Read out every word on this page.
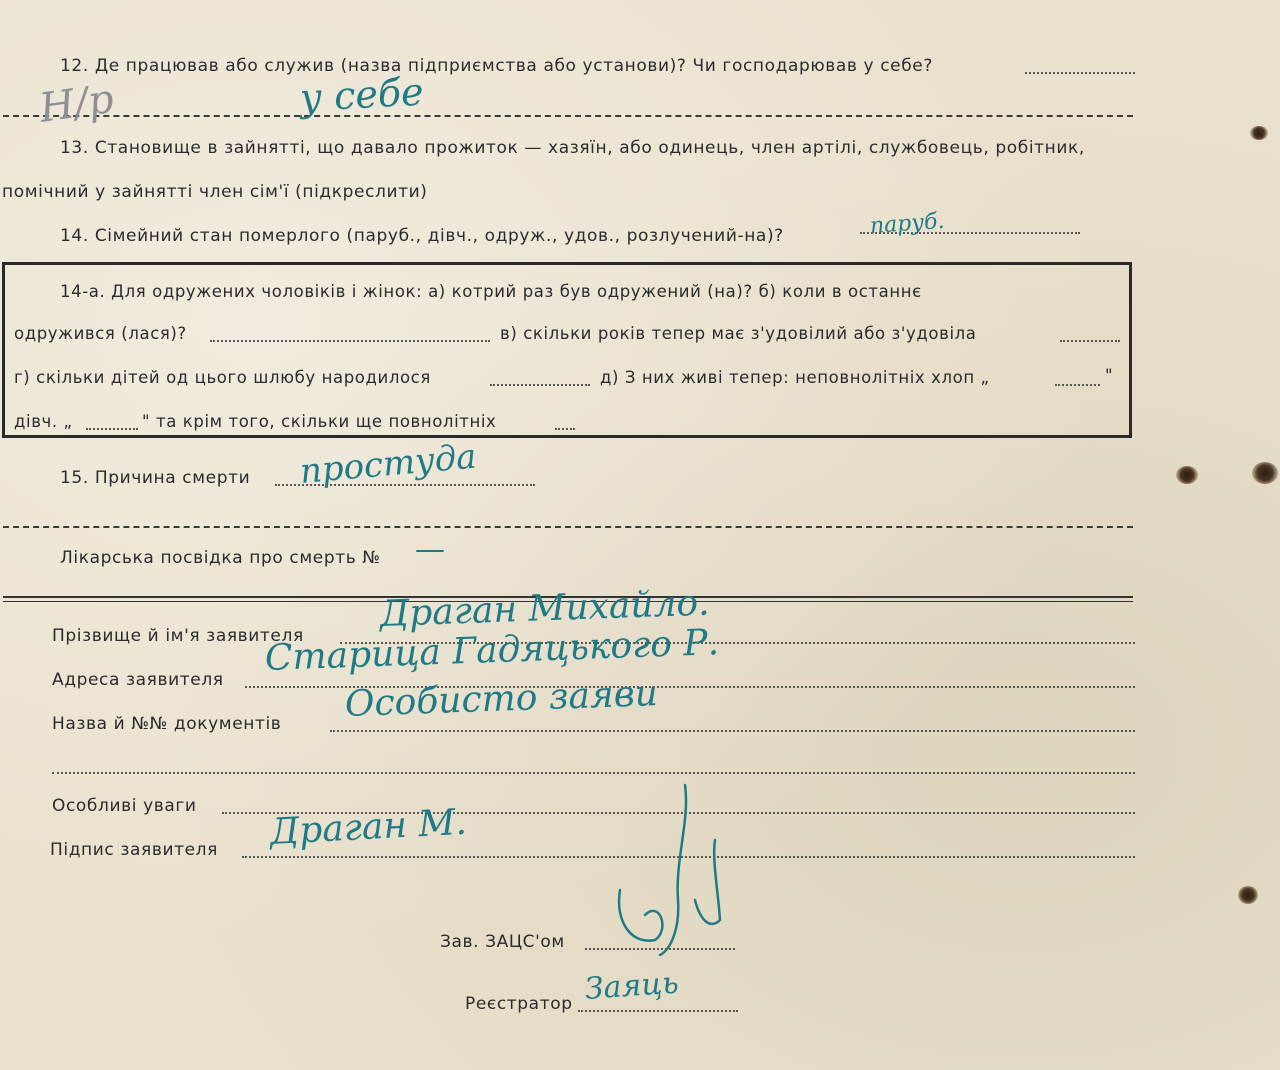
12. Де працював або служив (назва підприємства або установи)? Чи господарював у себе?
Н/р	у себе
13. Становище в зайнятті, що давало прожиток — хазяїн, або одинець, член артілі, службовець, робітник,
помічний у зайнятті член сім'ї (підкреслити)
14. Сімейний стан померлого (паруб., дівч., одруж., удов., розлучений-на)?	паруб.
14-а. Для одружених чоловіків і жінок: а) котрий раз був одружений (на)? б) коли в останнє
одружився (лася)?	в) скільки років тепер має з'удовілий або з'удовіла
г) скільки дітей од цього шлюбу народилося	д) З них живі тепер: неповнолітніх хлоп „	"
дівч. „	" та крім того, скільки ще повнолітніх
15. Причина смерти простуда
Лікарська посвідка про смерть № —
Прізвище й ім'я заявителя
Драган Михайло.
Адреса заявителя
Старица Гадяцького Р.
Назва й №№ документів Особисто заяви
Особливі уваги
Підпис заявителя Драган М.
Зав. ЗАЦС'ом
Реєстратор Заяць
